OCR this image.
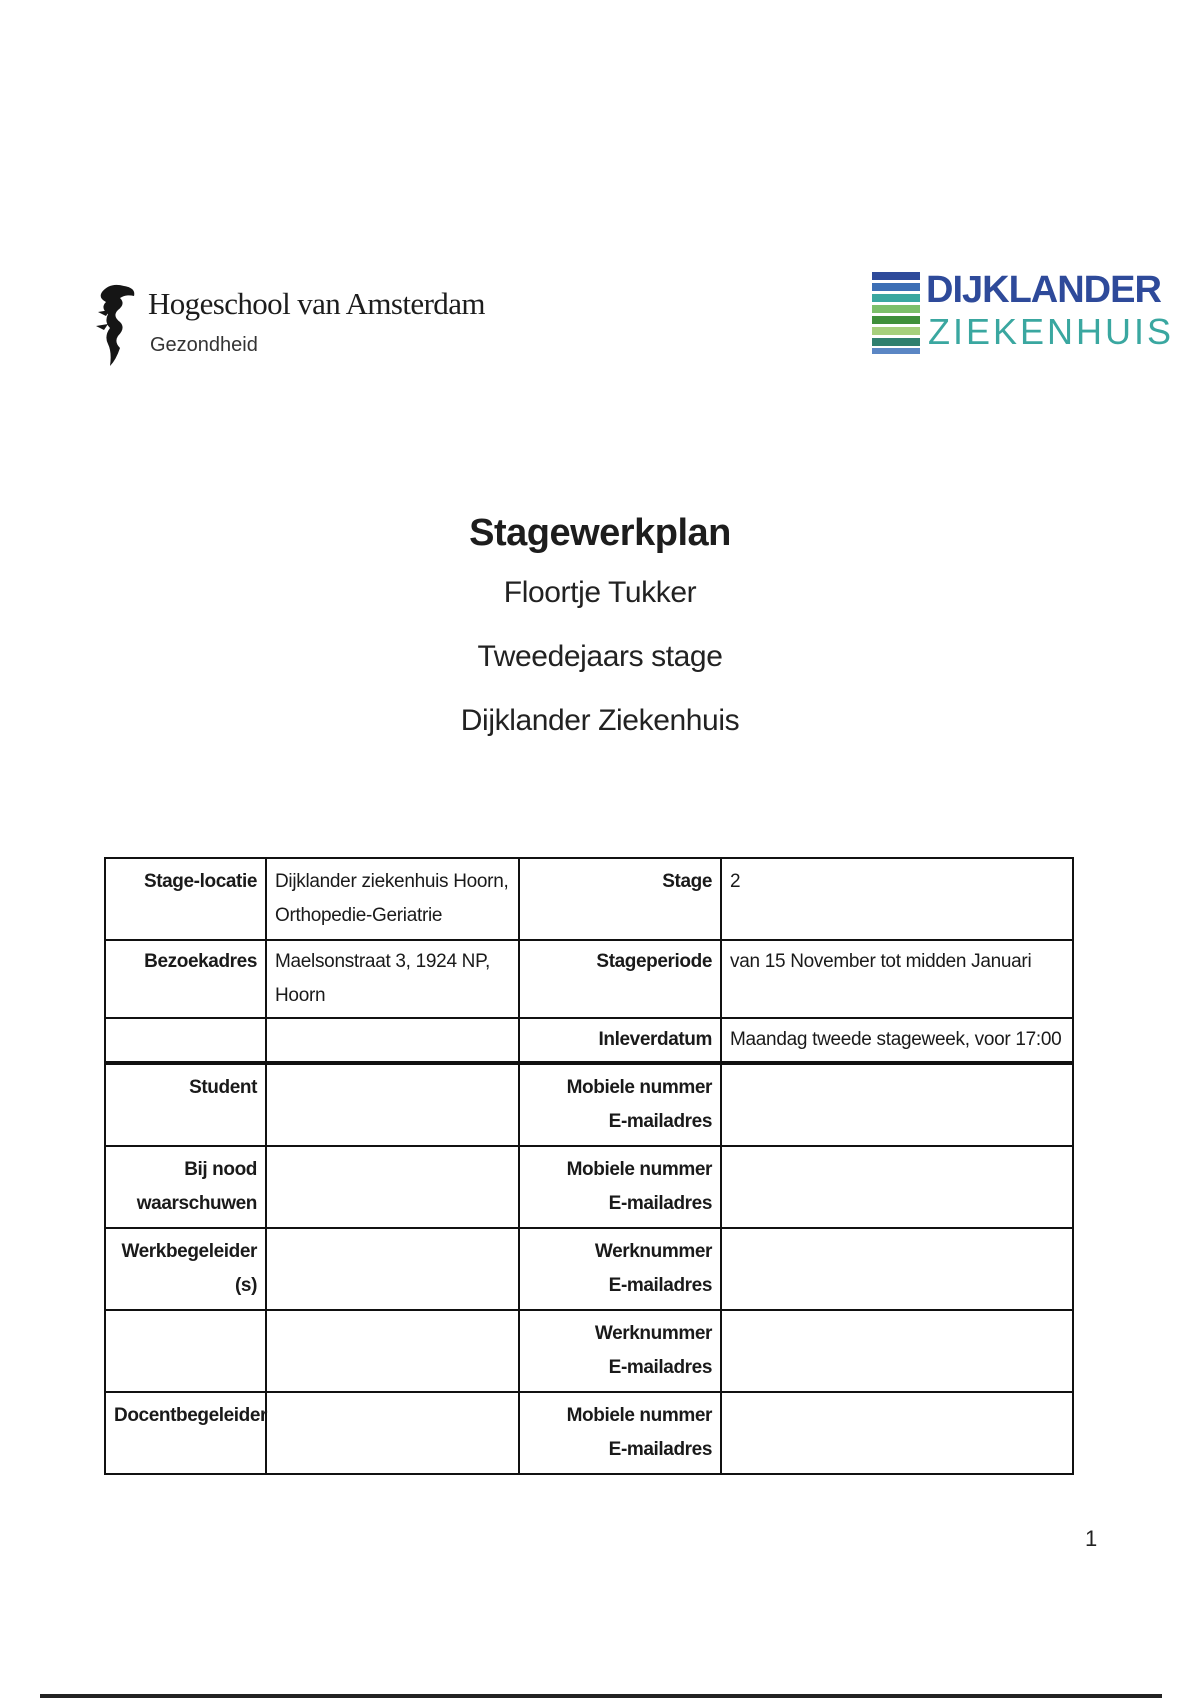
Hogeschool van Amsterdam
Gezondheid
DIJKLANDER
ZIEKENHUIS

Stagewerkplan

Floortje Tukker

Tweedejaars stage

Dijklander Ziekenhuis

Stage-locatie	Dijklander ziekenhuis Hoorn, Orthopedie-Geriatrie	Stage	2
Bezoekadres	Maelsonstraat 3, 1924 NP, Hoorn	Stageperiode	van 15 November tot midden Januari
		Inleverdatum	Maandag tweede stageweek, voor 17:00
Student		Mobiele nummer
E-mailadres	

Bij nood waarschuwen		Mobiele nummer
E-mailadres	

Werkbegeleider (s)		Werknummer
E-mailadres	

		Werknummer
E-mailadres	

Docentbegeleider		Mobiele nummer
E-mailadres	

1
